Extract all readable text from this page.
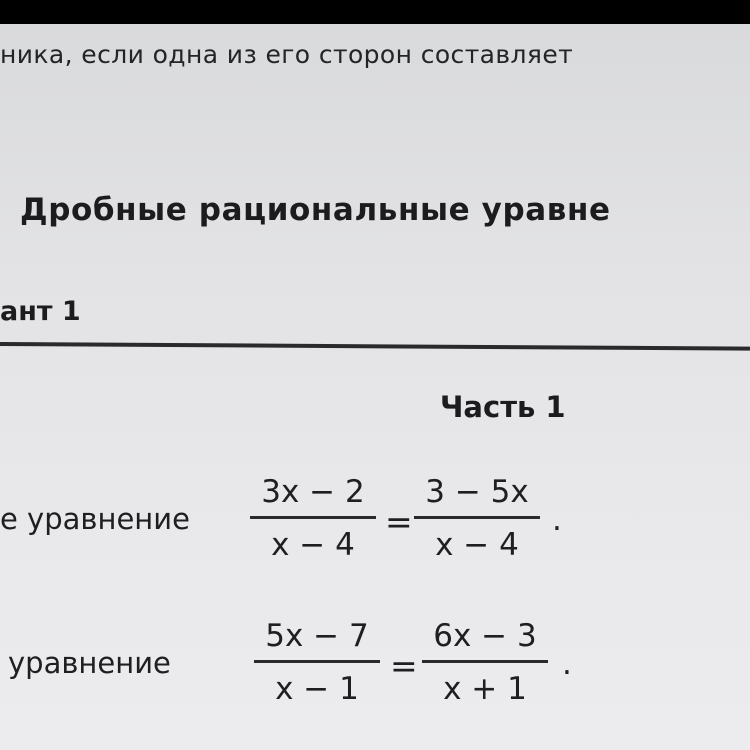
ника, если одна из его сторон составляет
Дробные рациональные уравне
ант 1
Часть 1
е уравнение
3x − 2
x − 4
=
3 − 5x
x − 4
.
уравнение
5x − 7
x − 1
=
6x − 3
x + 1
.
